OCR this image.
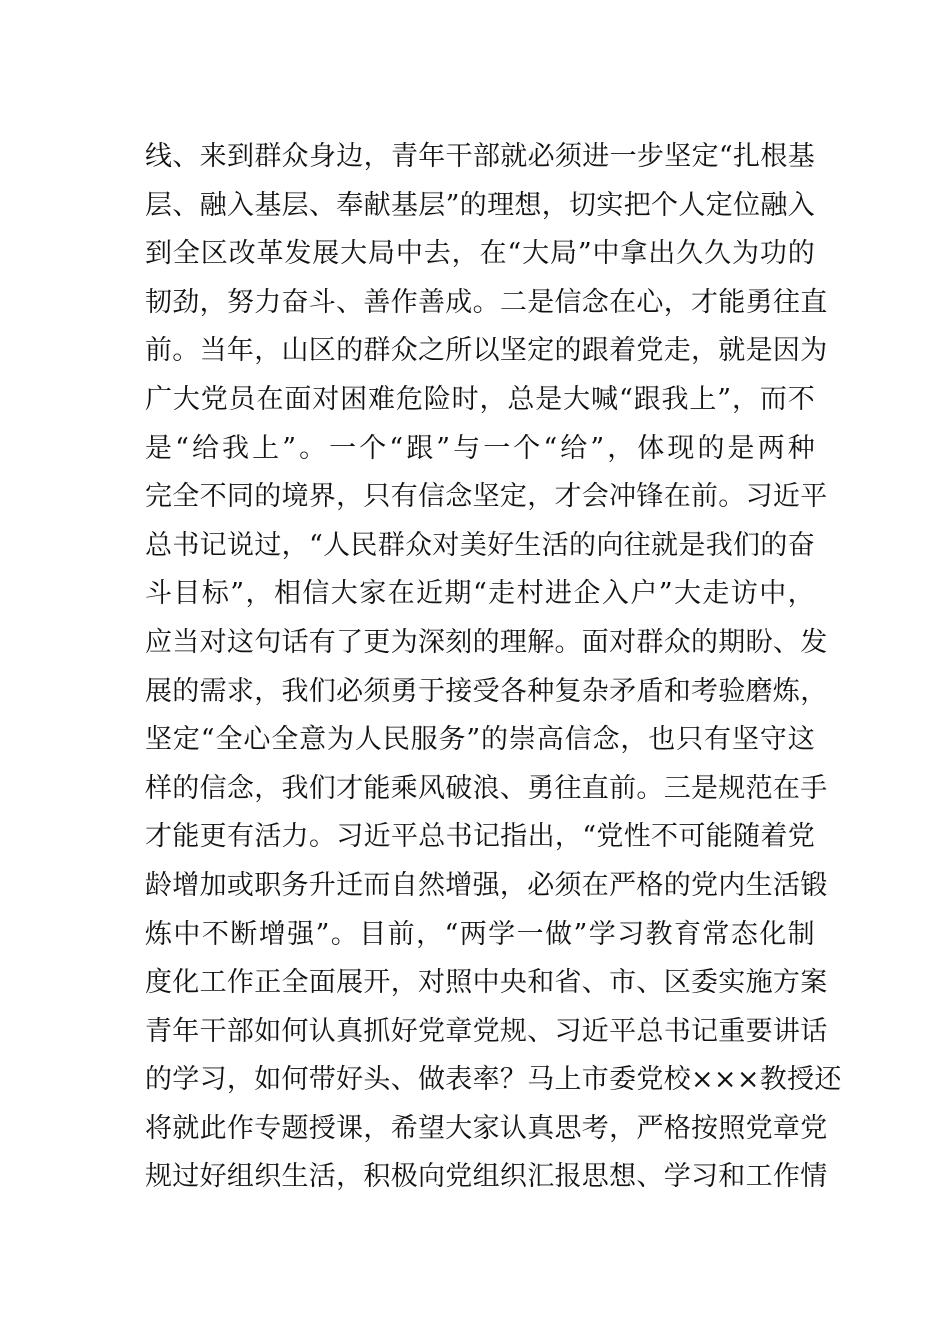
线、来到群众身边，青年干部就必须进一步坚定“扎根基
层、融入基层、奉献基层”的理想，切实把个人定位融入
到全区改革发展大局中去，在“大局”中拿出久久为功的
韧劲，努力奋斗、善作善成。二是信念在心，才能勇往直
前。当年，山区的群众之所以坚定的跟着党走，就是因为
广大党员在面对困难危险时，总是大喊“跟我上”，而不
是“给我上”。一个“跟”与一个“给”，体现的是两种
完全不同的境界，只有信念坚定，才会冲锋在前。习近平
总书记说过，“人民群众对美好生活的向往就是我们的奋
斗目标”，相信大家在近期“走村进企入户”大走访中，
应当对这句话有了更为深刻的理解。面对群众的期盼、发
展的需求，我们必须勇于接受各种复杂矛盾和考验磨炼，
坚定“全心全意为人民服务”的崇高信念，也只有坚守这
样的信念，我们才能乘风破浪、勇往直前。三是规范在手
才能更有活力。习近平总书记指出，“党性不可能随着党
龄增加或职务升迁而自然增强，必须在严格的党内生活锻
炼中不断增强”。目前，“两学一做”学习教育常态化制
度化工作正全面展开，对照中央和省、市、区委实施方案
青年干部如何认真抓好党章党规、习近平总书记重要讲话
的学习，如何带好头、做表率？马上市委党校×××教授还
将就此作专题授课，希望大家认真思考，严格按照党章党
规过好组织生活，积极向党组织汇报思想、学习和工作情
